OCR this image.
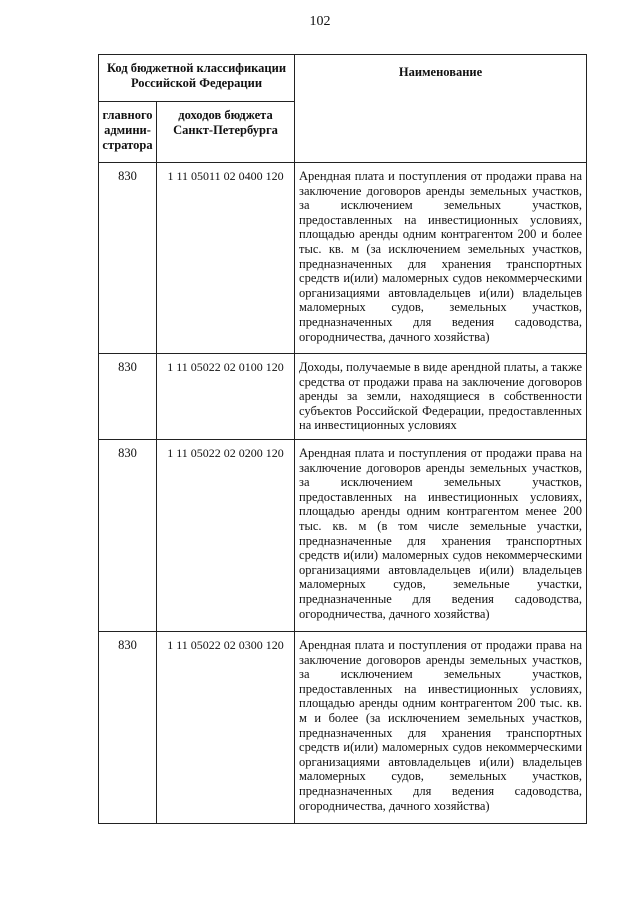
102
Код бюджетной классификации Российской Федерации		Наименование
главного админи-стратора	доходов бюджета Санкт-Петербурга	
830	1 11 05011 02 0400 120	Арендная плата и поступления от продажи права на заключение договоров аренды земельных участков, за исключением земельных участков, предоставленных на инвестиционных условиях, площадью аренды одним контрагентом 200 и более тыс. кв. м (за исключением земельных участков, предназначенных для хранения транспортных средств и(или) маломерных судов некоммерческими организациями автовладельцев и(или) владельцев маломерных судов, земельных участков, предназначенных для ведения садоводства, огородничества, дачного хозяйства)
830	1 11 05022 02 0100 120	Доходы, получаемые в виде арендной платы, а также средства от продажи права на заключение договоров аренды за земли, находящиеся в собственности субъектов Российской Федерации, предоставленных на инвестиционных условиях
830	1 11 05022 02 0200 120	Арендная плата и поступления от продажи права на заключение договоров аренды земельных участков, за исключением земельных участков, предоставленных на инвестиционных условиях, площадью аренды одним контрагентом менее 200 тыс. кв. м (в том числе земельные участки, предназначенные для хранения транспортных средств и(или) маломерных судов некоммерческими организациями автовладельцев и(или) владельцев маломерных судов, земельные участки, предназначенные для ведения садоводства, огородничества, дачного хозяйства)
830	1 11 05022 02 0300 120	Арендная плата и поступления от продажи права на заключение договоров аренды земельных участков, за исключением земельных участков, предоставленных на инвестиционных условиях, площадью аренды одним контрагентом 200 тыс. кв. м и более (за исключением земельных участков, предназначенных для хранения транспортных средств и(или) маломерных судов некоммерческими организациями автовладельцев и(или) владельцев маломерных судов, земельных участков, предназначенных для ведения садоводства, огородничества, дачного хозяйства)
